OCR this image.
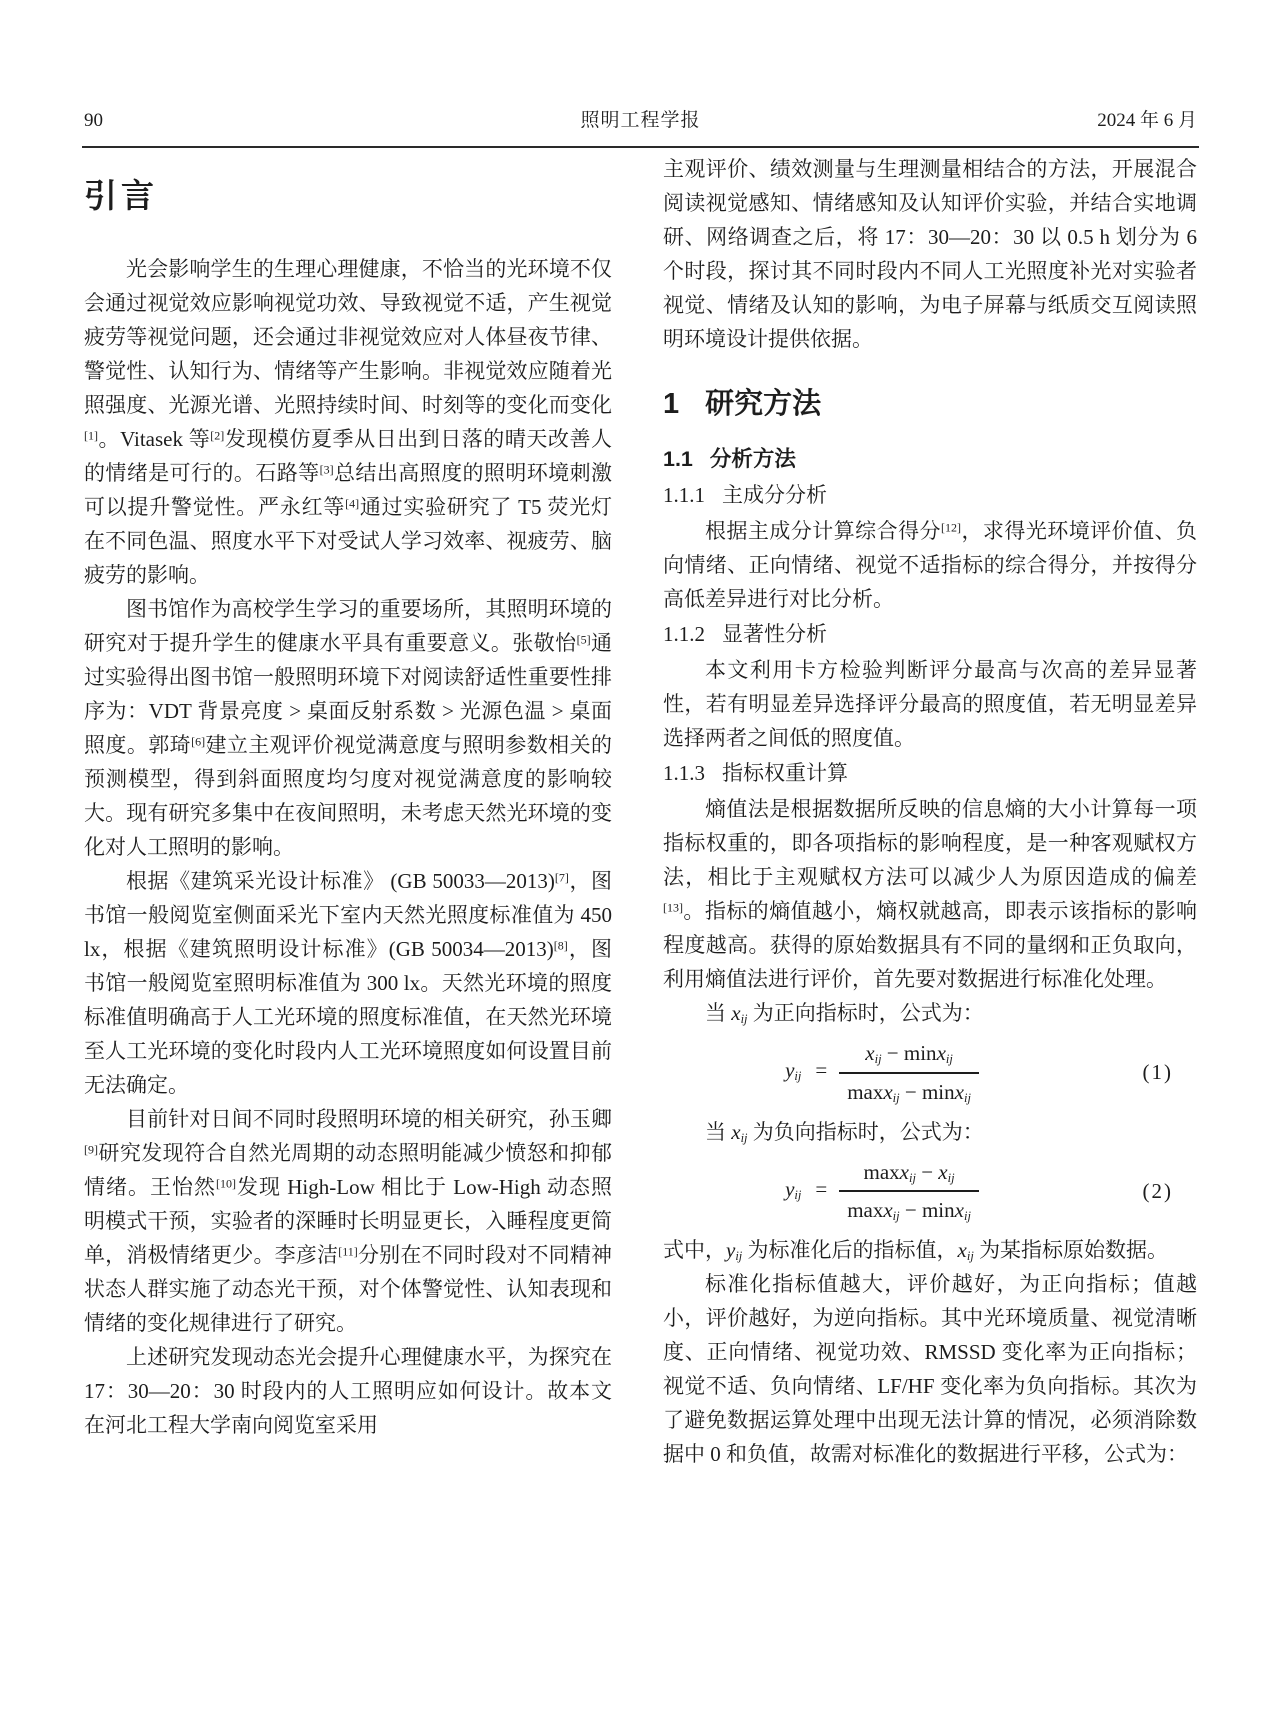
90	照明工程学报	2024 年 6 月
引言

光会影响学生的生理心理健康，不恰当的光环境不仅会通过视觉效应影响视觉功效、导致视觉不适，产生视觉疲劳等视觉问题，还会通过非视觉效应对人体昼夜节律、警觉性、认知行为、情绪等产生影响。非视觉效应随着光照强度、光源光谱、光照持续时间、时刻等的变化而变化[1]。Vitasek 等[2]发现模仿夏季从日出到日落的晴天改善人的情绪是可行的。石路等[3]总结出高照度的照明环境刺激可以提升警觉性。严永红等[4]通过实验研究了 T5 荧光灯在不同色温、照度水平下对受试人学习效率、视疲劳、脑疲劳的影响。

图书馆作为高校学生学习的重要场所，其照明环境的研究对于提升学生的健康水平具有重要意义。张敬怡[5]通过实验得出图书馆一般照明环境下对阅读舒适性重要性排序为：VDT 背景亮度 > 桌面反射系数 > 光源色温 > 桌面照度。郭琦[6]建立主观评价视觉满意度与照明参数相关的预测模型，得到斜面照度均匀度对视觉满意度的影响较大。现有研究多集中在夜间照明，未考虑天然光环境的变化对人工照明的影响。

根据《建筑采光设计标准》 (GB 50033—2013)[7]，图书馆一般阅览室侧面采光下室内天然光照度标准值为 450 lx，根据《建筑照明设计标准》(GB 50034—2013)[8]，图书馆一般阅览室照明标准值为 300 lx。天然光环境的照度标准值明确高于人工光环境的照度标准值，在天然光环境至人工光环境的变化时段内人工光环境照度如何设置目前无法确定。

目前针对日间不同时段照明环境的相关研究，孙玉卿[9]研究发现符合自然光周期的动态照明能减少愤怒和抑郁情绪。王怡然[10]发现 High-Low 相比于 Low-High 动态照明模式干预，实验者的深睡时长明显更长，入睡程度更简单，消极情绪更少。李彦洁[11]分别在不同时段对不同精神状态人群实施了动态光干预，对个体警觉性、认知表现和情绪的变化规律进行了研究。

上述研究发现动态光会提升心理健康水平，为探究在 17：30—20：30 时段内的人工照明应如何设计。故本文在河北工程大学南向阅览室采用

主观评价、绩效测量与生理测量相结合的方法，开展混合阅读视觉感知、情绪感知及认知评价实验，并结合实地调研、网络调查之后，将 17：30—20：30 以 0.5 h 划分为 6 个时段，探讨其不同时段内不同人工光照度补光对实验者视觉、情绪及认知的影响，为电子屏幕与纸质交互阅读照明环境设计提供依据。

1 研究方法
1.1 分析方法
1.1.1 主成分分析

根据主成分计算综合得分[12]，求得光环境评价值、负向情绪、正向情绪、视觉不适指标的综合得分，并按得分高低差异进行对比分析。

1.1.2 显著性分析

本文利用卡方检验判断评分最高与次高的差异显著性，若有明显差异选择评分最高的照度值，若无明显差异选择两者之间低的照度值。

1.1.3 指标权重计算

熵值法是根据数据所反映的信息熵的大小计算每一项指标权重的，即各项指标的影响程度，是一种客观赋权方法，相比于主观赋权方法可以减少人为原因造成的偏差[13]。指标的熵值越小，熵权就越高，即表示该指标的影响程度越高。获得的原始数据具有不同的量纲和正负取向，利用熵值法进行评价，首先要对数据进行标准化处理。

当 $x_{ij}$ 为正向指标时，公式为：

$y_{ij} = \frac{x_{ij} - \min x_{ij}}{\max x_{ij} - \min x_{ij}}$	(1)

当 $x_{ij}$ 为负向指标时，公式为：

$y_{ij} = \frac{\max x_{ij} - x_{ij}}{\max x_{ij} - \min x_{ij}}$	(2)

式中，$y_{ij}$ 为标准化后的指标值，$x_{ij}$ 为某指标原始数据。

标准化指标值越大，评价越好，为正向指标；值越小，评价越好，为逆向指标。其中光环境质量、视觉清晰度、正向情绪、视觉功效、RMSSD 变化率为正向指标；视觉不适、负向情绪、LF/HF 变化率为负向指标。其次为了避免数据运算处理中出现无法计算的情况，必须消除数据中 0 和负值，故需对标准化的数据进行平移，公式为：
